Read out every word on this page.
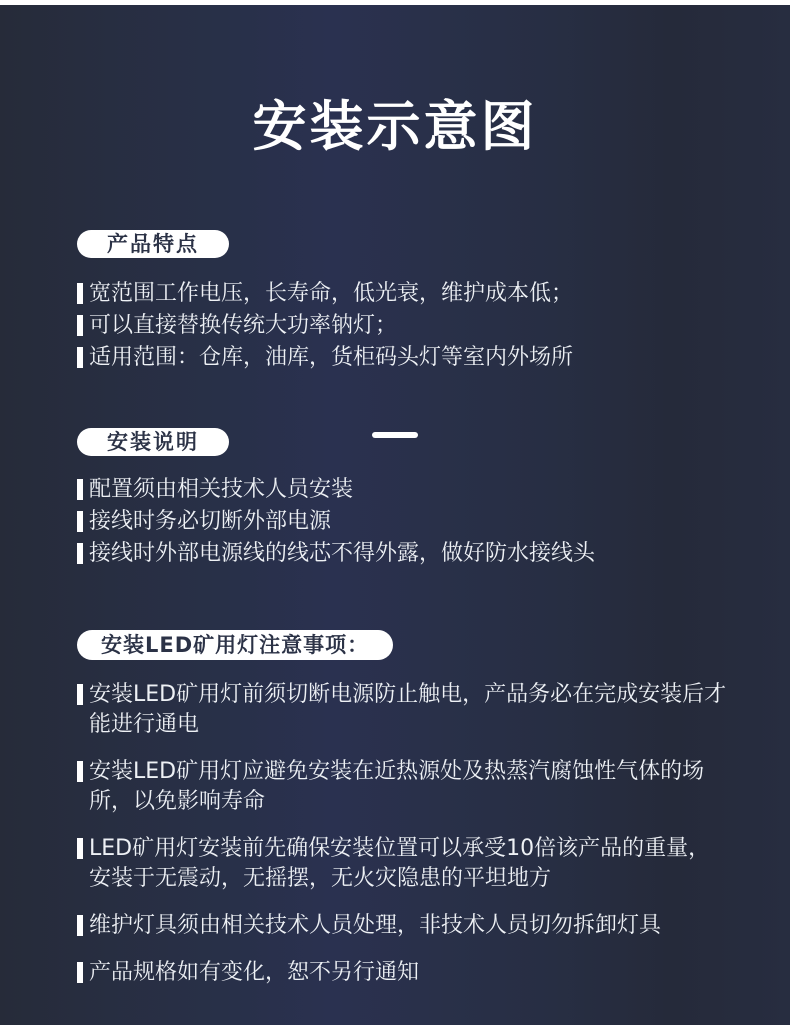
安装示意图
产品特点
宽范围工作电压，长寿命，低光衰，维护成本低；
可以直接替换传统大功率钠灯；
适用范围：仓库，油库，货柜码头灯等室内外场所
安装说明
配置须由相关技术人员安装
接线时务必切断外部电源
接线时外部电源线的线芯不得外露，做好防水接线头
安装LED矿用灯注意事项：
安装LED矿用灯前须切断电源防止触电，产品务必在完成安装后才能进行通电
安装LED矿用灯应避免安装在近热源处及热蒸汽腐蚀性气体的场所，以免影响寿命
LED矿用灯安装前先确保安装位置可以承受10倍该产品的重量，安装于无震动，无摇摆，无火灾隐患的平坦地方
维护灯具须由相关技术人员处理，非技术人员切勿拆卸灯具
产品规格如有变化，恕不另行通知
